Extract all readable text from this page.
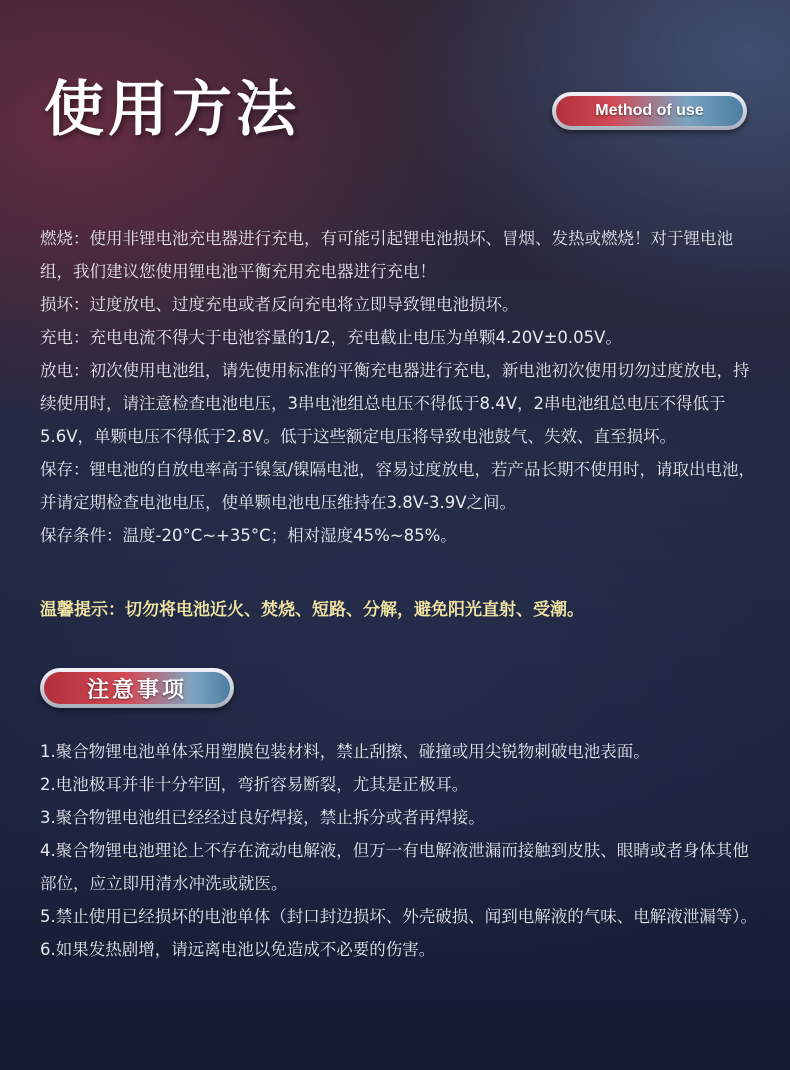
使用方法	Method of use

燃烧：使用非锂电池充电器进行充电，有可能引起锂电池损坏、冒烟、发热或燃烧！对于锂电池组，我们建议您使用锂电池平衡充用充电器进行充电！

损坏：过度放电、过度充电或者反向充电将立即导致锂电池损坏。

充电：充电电流不得大于电池容量的1/2，充电截止电压为单颗4.20V±0.05V。

放电：初次使用电池组，请先使用标准的平衡充电器进行充电，新电池初次使用切勿过度放电，持续使用时，请注意检查电池电压，3串电池组总电压不得低于8.4V，2串电池组总电压不得低于5.6V，单颗电压不得低于2.8V。低于这些额定电压将导致电池鼓气、失效、直至损坏。

保存：锂电池的自放电率高于镍氢/镍隔电池，容易过度放电，若产品长期不使用时，请取出电池，并请定期检查电池电压，使单颗电池电压维持在3.8V-3.9V之间。

保存条件：温度-20°C~+35°C；相对湿度45%~85%。

温馨提示：切勿将电池近火、焚烧、短路、分解，避免阳光直射、受潮。

注意事项

1.聚合物锂电池单体采用塑膜包装材料，禁止刮擦、碰撞或用尖锐物刺破电池表面。

2.电池极耳并非十分牢固，弯折容易断裂，尤其是正极耳。

3.聚合物锂电池组已经经过良好焊接，禁止拆分或者再焊接。

4.聚合物锂电池理论上不存在流动电解液，但万一有电解液泄漏而接触到皮肤、眼睛或者身体其他部位，应立即用清水冲洗或就医。

5.禁止使用已经损坏的电池单体（封口封边损坏、外壳破损、闻到电解液的气味、电解液泄漏等）。

6.如果发热剧增，请远离电池以免造成不必要的伤害。
